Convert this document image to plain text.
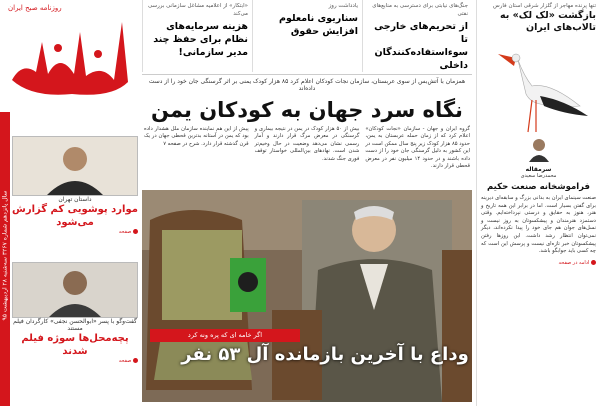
روزنامه صبح ایران
سال پانزدهم شماره ۳۲۶۷ سه‌شنبه ۲۸ اردیبهشت ۹۵	داستان تهران
موارد پوشویی کم گزارش می‌شود
صفحه
گفت‌وگو با پسر «ابوالحسن نجفی» کارگردان فیلم مستند
پچه‌محل‌ها سوژه فیلم شدند
صفحه
جنگ‌های نیابتی برای دسترسی به منابع‌های نفتی
از تحریم‌های خارجی تا سوءاستفاده‌کنندگان داخلی
یادداشت روز
سناریوی نامعلوم افزایش حقوق
«ابتکار» از اعلامیه مشاغل سازمانی بررسی می‌کند
هزینه سرمایه‌های نظام برای حفظ چند مدیر سازمانی!
تنها پرنده مهاجر از گلزار شرقی استان فارس
بازگشت «لک لک» به تالاب‌های ایران
سرمقاله
محمدرضا سعیدی
فراموشخانه صنعت حکیم
صنعت سینمای ایران به بدانی بزرگ و سابقه‌ای دیرینه برای گفتن بسیار است. اما در برابر این همه تاریخ و هنر، هنوز به حقایق و درستی نپرداخته‌ایم. وقتی دستمزد هنرمندان و پیشکسوتان به روز نیست و نسل‌های جوان هم جای خود را پیدا نکرده‌اند، دیگر نمی‌توان انتظار رشد داشت. این روزها رفتن پیشکسوتان خبر تازه‌ای نیست و پرسش این است که چه کسی باید جوابگو باشد.
ادامه در صفحه
همزمان با آتش‌بس از سوی عربستان، سازمان نجات کودکان اعلام کرد ۸۵ هزار کودک یمنی بر اثر گرسنگی جان خود را از دست داده‌اند
نگاه سرد جهان به کودکان یمن
گروه ایران و جهان - سازمان «نجات کودکان» اعلام کرد که از زمان حمله عربستان به یمن، حدود ۸۵ هزار کودک زیر پنج سال ممکن است در این کشور به دلیل گرسنگی جان خود را از دست داده باشند و در حدود ۱۴ میلیون نفر در معرض قحطی قرار دارند.
بیش از ۵۰ هزار کودک در یمن در نتیجه بیماری و گرسنگی در معرض مرگ قرار دارند و آمار رسمی نشان می‌دهد وضعیت در حال وخیم‌تر شدن است. نهادهای بین‌المللی خواستار توقف فوری جنگ شدند.
پیش از این هم نماینده سازمان ملل هشدار داده بود که یمن در آستانه بدترین قحطی جهان در یک قرن گذشته قرار دارد. شرح در صفحه ۷
اگر خامه ای که پره ونه کرد
وداع با آخرین بازمانده آل ۵۳ نفر
